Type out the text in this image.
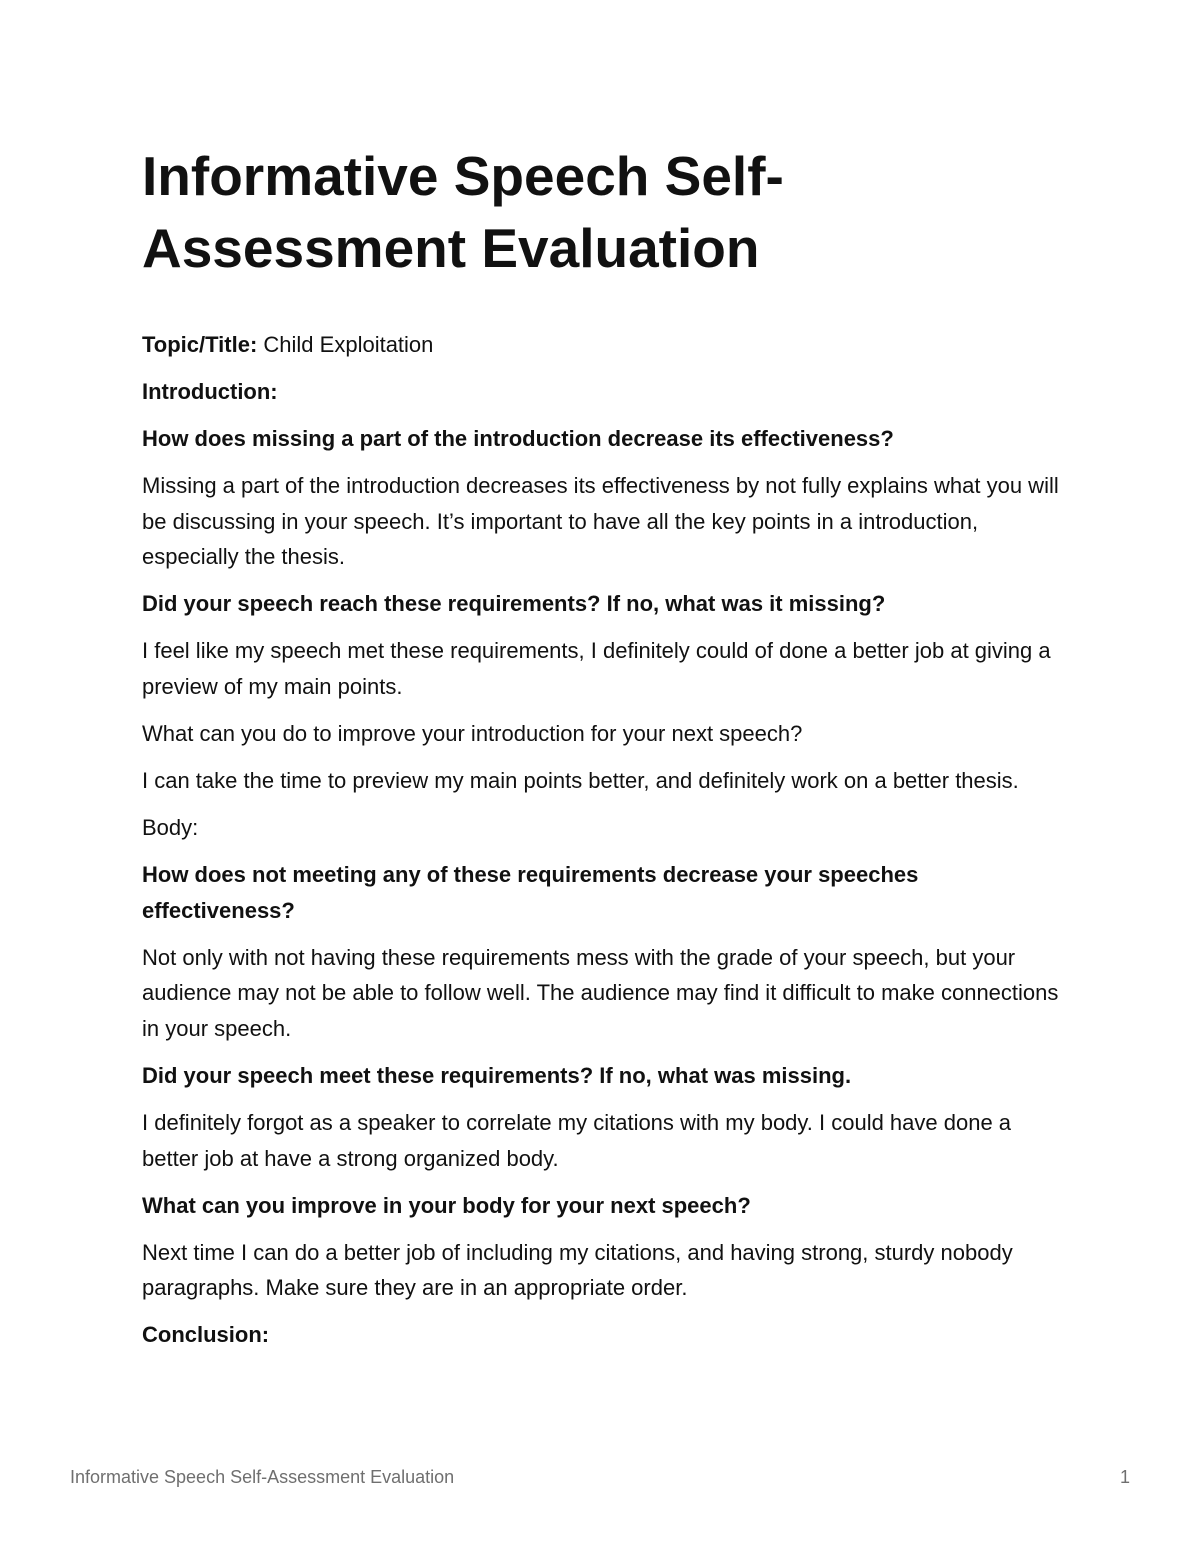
Informative Speech Self-Assessment Evaluation

Topic/Title: Child Exploitation

Introduction:

How does missing a part of the introduction decrease its effectiveness?

Missing a part of the introduction decreases its effectiveness by not fully explains what you will be discussing in your speech. It’s important to have all the key points in a introduction, especially the thesis.

Did your speech reach these requirements? If no, what was it missing?

I feel like my speech met these requirements, I definitely could of done a better job at giving a preview of my main points.

What can you do to improve your introduction for your next speech?

I can take the time to preview my main points better, and definitely work on a better thesis.

Body:

How does not meeting any of these requirements decrease your speeches effectiveness?

Not only with not having these requirements mess with the grade of your speech, but your audience may not be able to follow well. The audience may find it difficult to make connections in your speech.

Did your speech meet these requirements? If no, what was missing.

I definitely forgot as a speaker to correlate my citations with my body. I could have done a better job at have a strong organized body.

What can you improve in your body for your next speech?

Next time I can do a better job of including my citations, and having strong, sturdy nobody paragraphs. Make sure they are in an appropriate order.

Conclusion:

Informative Speech Self-Assessment Evaluation	1
